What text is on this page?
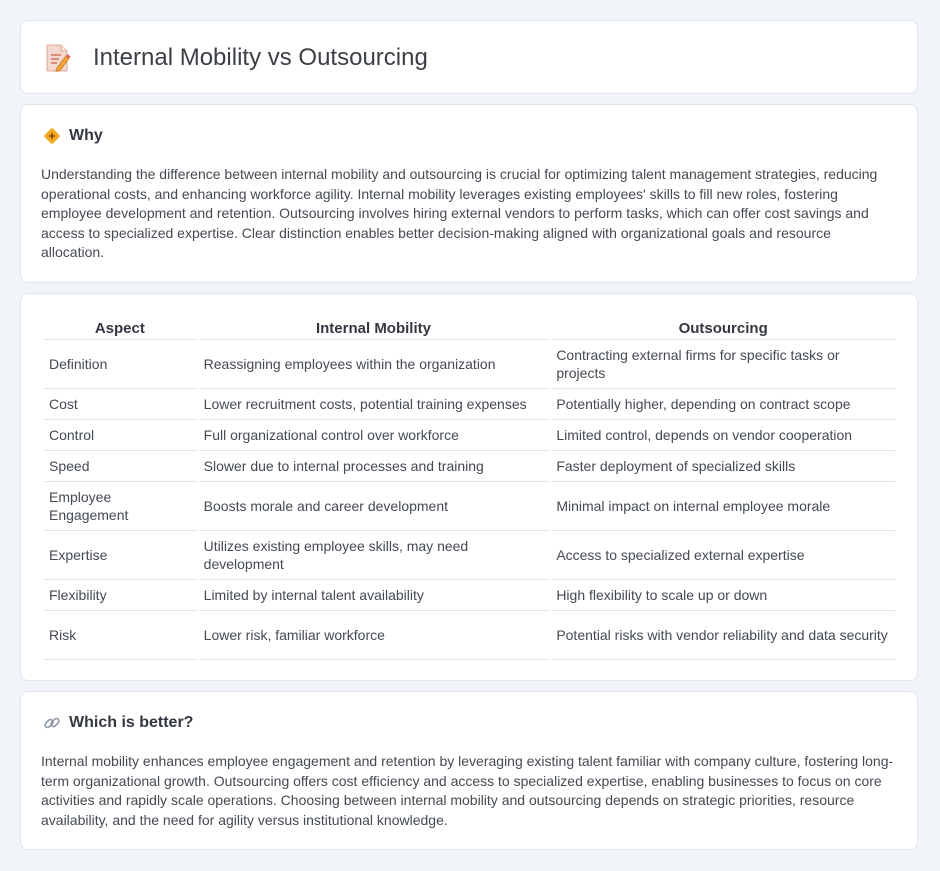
Internal Mobility vs Outsourcing
Why

Understanding the difference between internal mobility and outsourcing is crucial for optimizing talent management strategies, reducing operational costs, and enhancing workforce agility. Internal mobility leverages existing employees' skills to fill new roles, fostering employee development and retention. Outsourcing involves hiring external vendors to perform tasks, which can offer cost savings and access to specialized expertise. Clear distinction enables better decision-making aligned with organizational goals and resource allocation.

Aspect	Internal Mobility	Outsourcing
Definition	Reassigning employees within the organization	Contracting external firms for specific tasks or projects
Cost	Lower recruitment costs, potential training expenses	Potentially higher, depending on contract scope
Control	Full organizational control over workforce	Limited control, depends on vendor cooperation
Speed	Slower due to internal processes and training	Faster deployment of specialized skills
Employee Engagement	Boosts morale and career development	Minimal impact on internal employee morale
Expertise	Utilizes existing employee skills, may need development	Access to specialized external expertise
Flexibility	Limited by internal talent availability	High flexibility to scale up or down
Risk	Lower risk, familiar workforce	Potential risks with vendor reliability and data security
Which is better?

Internal mobility enhances employee engagement and retention by leveraging existing talent familiar with company culture, fostering long-term organizational growth. Outsourcing offers cost efficiency and access to specialized expertise, enabling businesses to focus on core activities and rapidly scale operations. Choosing between internal mobility and outsourcing depends on strategic priorities, resource availability, and the need for agility versus institutional knowledge.
